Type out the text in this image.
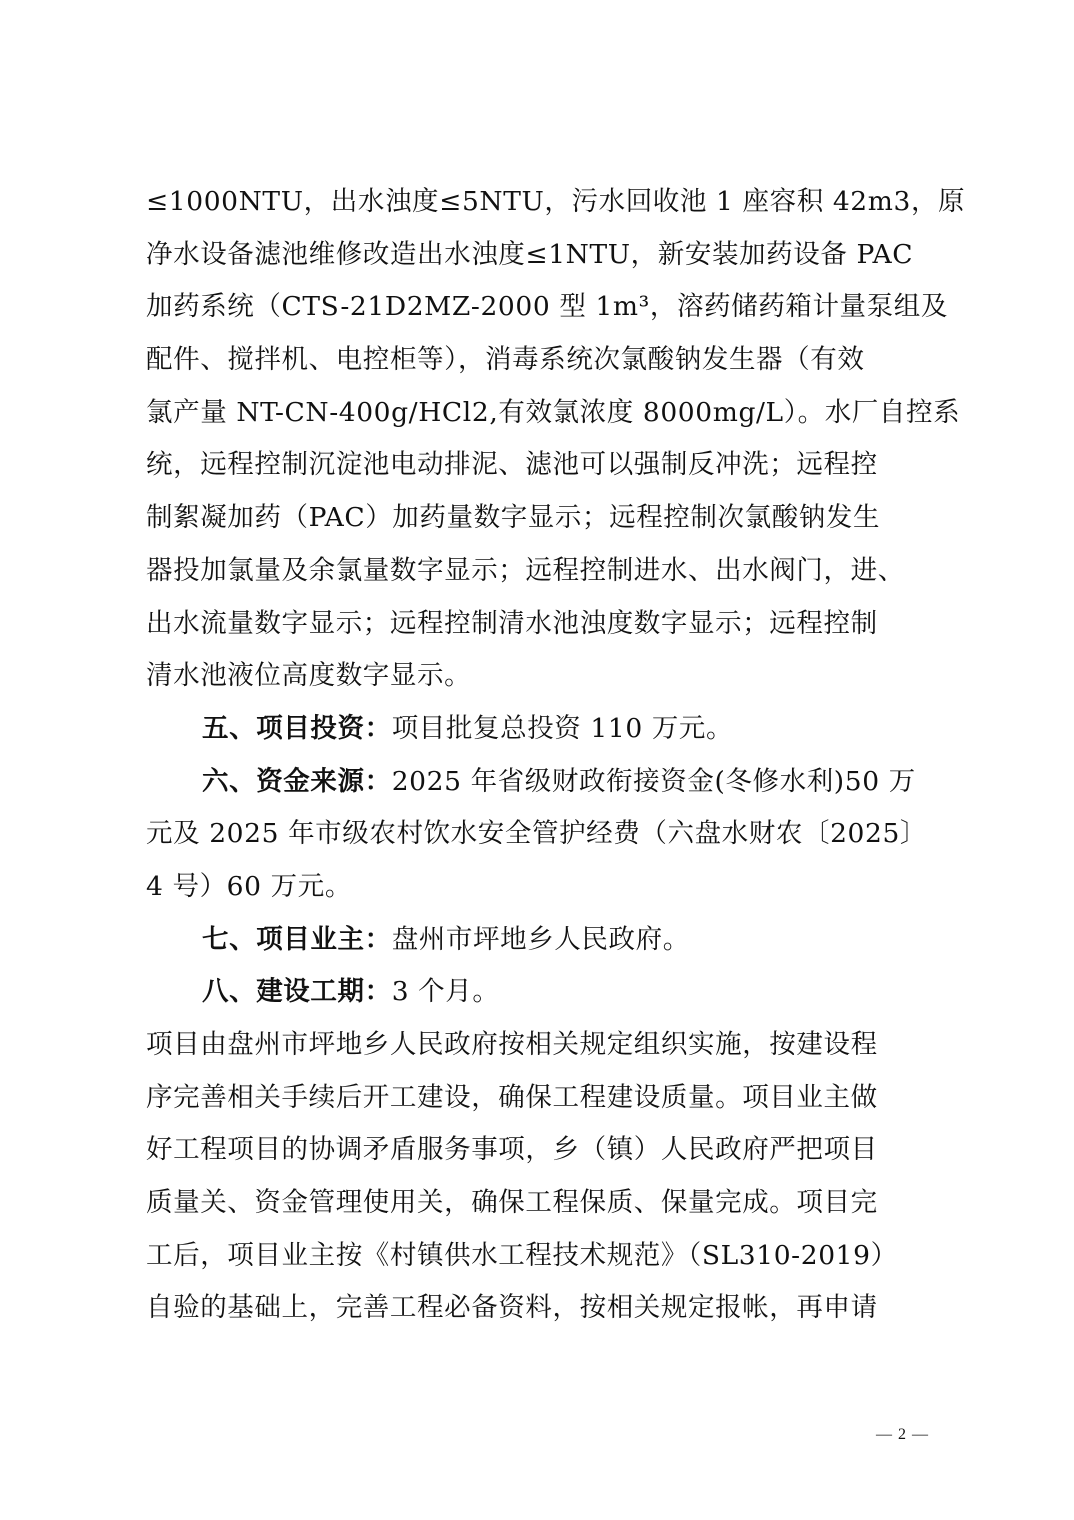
≤1000NTU，出水浊度≤5NTU，污水回收池 1 座容积 42m3，原
净水设备滤池维修改造出水浊度≤1NTU，新安装加药设备 PAC
加药系统（CTS-21D2MZ-2000 型 1m³，溶药储药箱计量泵组及
配件、搅拌机、电控柜等），消毒系统次氯酸钠发生器（有效
氯产量 NT-CN-400g/HCl2,有效氯浓度 8000mg/L）。水厂自控系
统，远程控制沉淀池电动排泥、滤池可以强制反冲洗；远程控
制絮凝加药（PAC）加药量数字显示；远程控制次氯酸钠发生
器投加氯量及余氯量数字显示；远程控制进水、出水阀门，进、
出水流量数字显示；远程控制清水池浊度数字显示；远程控制
清水池液位高度数字显示。
五、项目投资：项目批复总投资 110 万元。
六、资金来源：2025 年省级财政衔接资金(冬修水利)50 万
元及 2025 年市级农村饮水安全管护经费（六盘水财农〔2025〕
4 号）60 万元。
七、项目业主：盘州市坪地乡人民政府。
八、建设工期：3 个月。
项目由盘州市坪地乡人民政府按相关规定组织实施，按建设程
序完善相关手续后开工建设，确保工程建设质量。项目业主做
好工程项目的协调矛盾服务事项，乡（镇）人民政府严把项目
质量关、资金管理使用关，确保工程保质、保量完成。项目完
工后，项目业主按《村镇供水工程技术规范》（SL310-2019）
自验的基础上，完善工程必备资料，按相关规定报帐，再申请
— 2 —
